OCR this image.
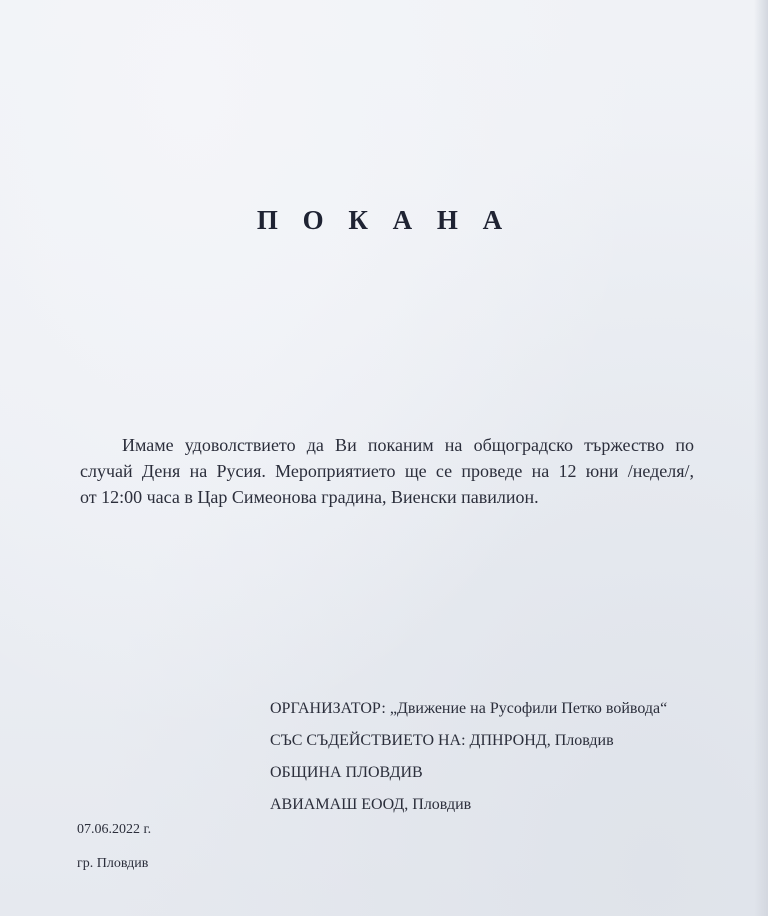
П О К А Н А

Имаме удоволствието да Ви поканим на общоградско тържество по
случай Деня на Русия. Мероприятието ще се проведе на 12 юни /неделя/,
от 12:00 часа в Цар Симеонова градина, Виенски павилион.

ОРГАНИЗАТОР: „Движение на Русофили Петко войвода“
СЪС СЪДЕЙСТВИЕТО НА: ДПНРОНД, Пловдив
ОБЩИНА ПЛОВДИВ
АВИАМАШ ЕООД, Пловдив
07.06.2022 г.
гр. Пловдив
